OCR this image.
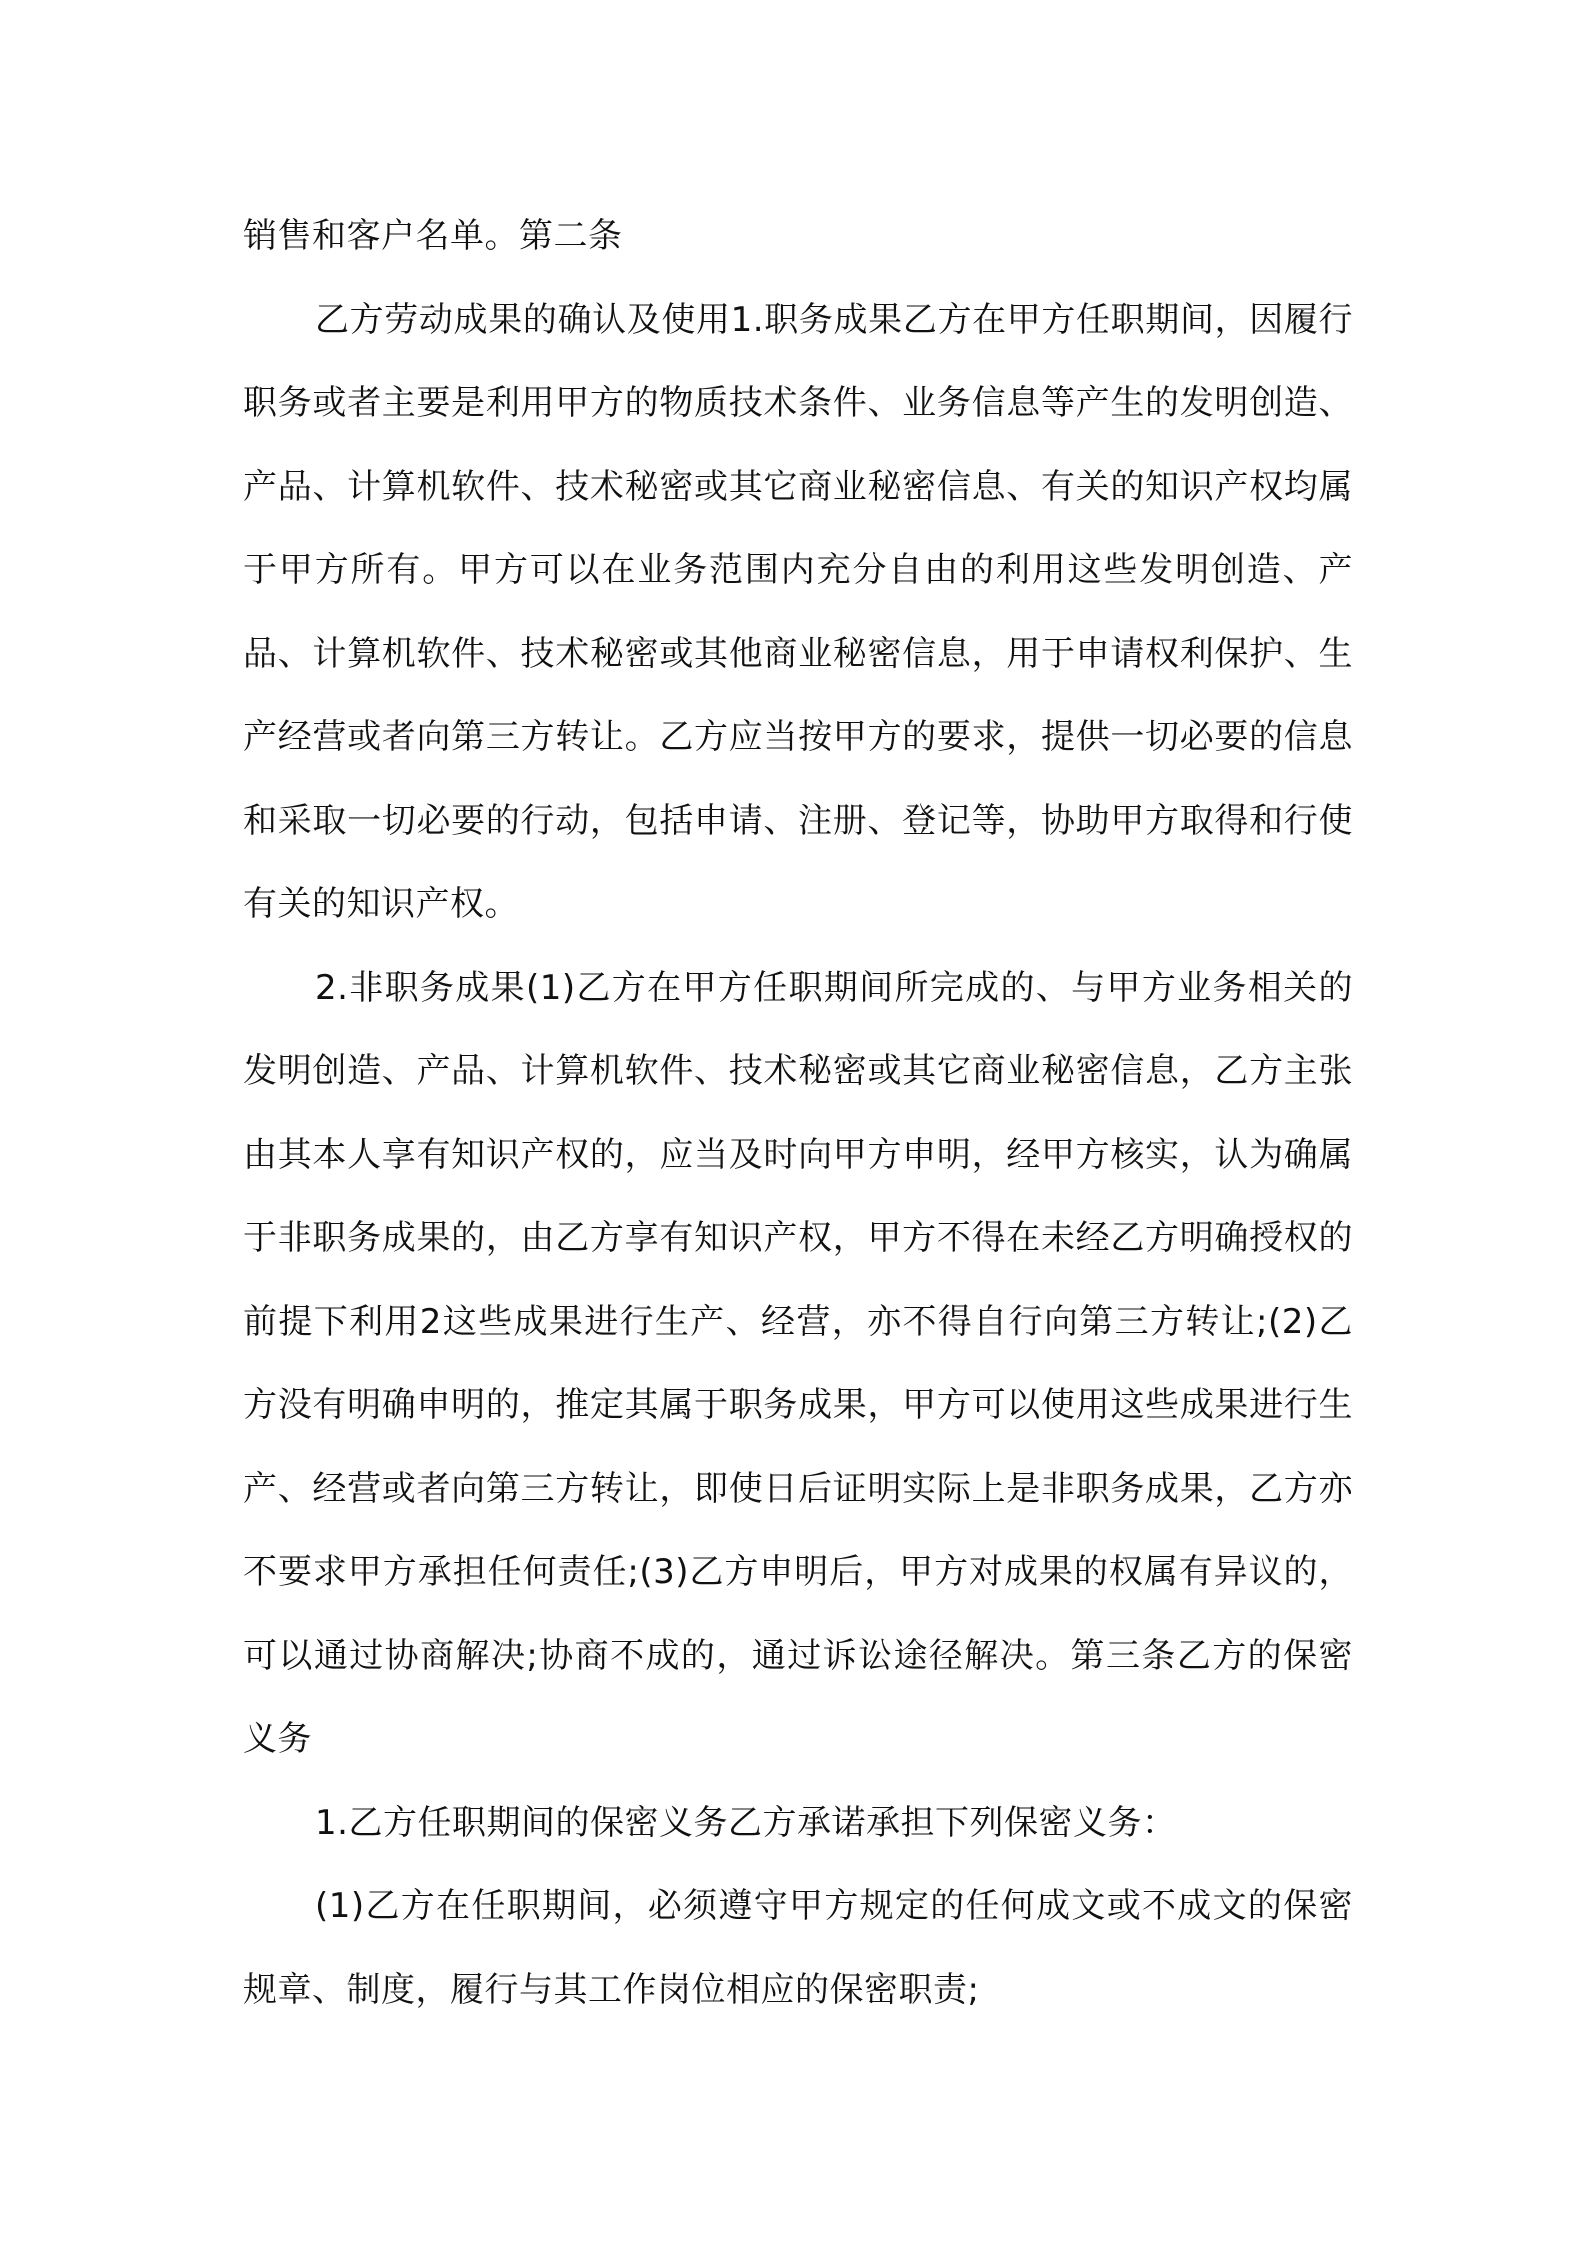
销售和客户名单。第二条

乙方劳动成果的确认及使用1.职务成果乙方在甲方任职期间，因履行职务或者主要是利用甲方的物质技术条件、业务信息等产生的发明创造、产品、计算机软件、技术秘密或其它商业秘密信息、有关的知识产权均属于甲方所有。甲方可以在业务范围内充分自由的利用这些发明创造、产品、计算机软件、技术秘密或其他商业秘密信息，用于申请权利保护、生产经营或者向第三方转让。乙方应当按甲方的要求，提供一切必要的信息和采取一切必要的行动，包括申请、注册、登记等，协助甲方取得和行使有关的知识产权。

2.非职务成果(1)乙方在甲方任职期间所完成的、与甲方业务相关的发明创造、产品、计算机软件、技术秘密或其它商业秘密信息，乙方主张由其本人享有知识产权的，应当及时向甲方申明，经甲方核实，认为确属于非职务成果的，由乙方享有知识产权，甲方不得在未经乙方明确授权的前提下利用2这些成果进行生产、经营，亦不得自行向第三方转让;(2)乙方没有明确申明的，推定其属于职务成果，甲方可以使用这些成果进行生产、经营或者向第三方转让，即使日后证明实际上是非职务成果，乙方亦不要求甲方承担任何责任;(3)乙方申明后，甲方对成果的权属有异议的，可以通过协商解决;协商不成的，通过诉讼途径解决。第三条乙方的保密义务

1.乙方任职期间的保密义务乙方承诺承担下列保密义务：

(1)乙方在任职期间，必须遵守甲方规定的任何成文或不成文的保密规章、制度，履行与其工作岗位相应的保密职责;
